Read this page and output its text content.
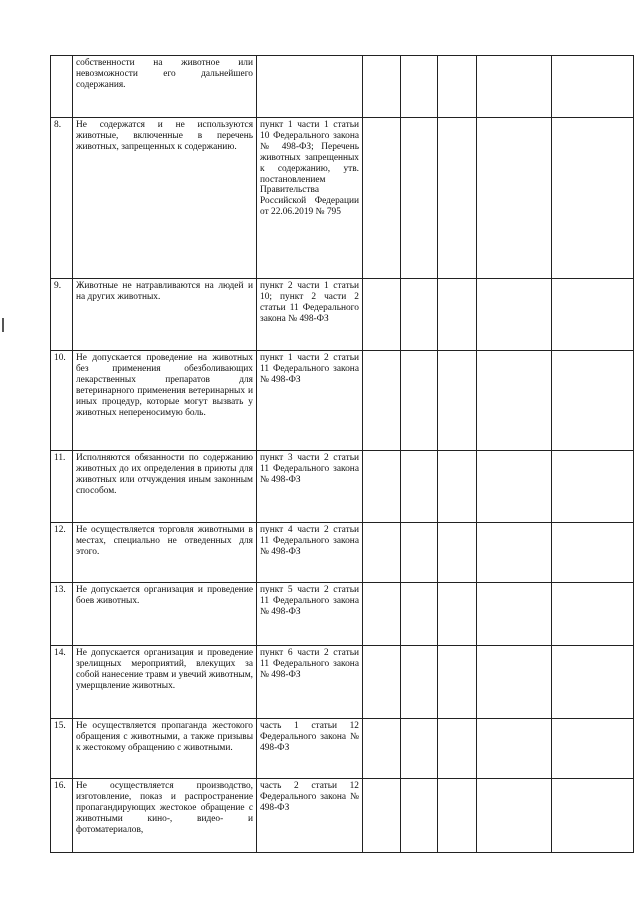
	собственности на животное или невозможности его дальнейшего содержания.						
8.	Не содержатся и не используются животные, включенные в перечень животных, запрещенных к содержанию.	пункт 1 части 1 статьи 10 Федерального закона № 498-ФЗ; Перечень животных запрещенных к содержанию, утв. постановлением Правительства Российской Федерации от 22.06.2019 № 795					
9.	Животные не натравливаются на людей и на других животных.	пункт 2 части 1 статьи 10; пункт 2 части 2 статьи 11 Федерального закона № 498-ФЗ					
10.	Не допускается проведение на животных без применения обезболивающих лекарственных препаратов для ветеринарного применения ветеринарных и иных процедур, которые могут вызвать у животных непереносимую боль.	пункт 1 части 2 статьи 11 Федерального закона № 498-ФЗ					
11.	Исполняются обязанности по содержанию животных до их определения в приюты для животных или отчуждения иным законным способом.	пункт 3 части 2 статьи 11 Федерального закона № 498-ФЗ					
12.	Не осуществляется торговля животными в местах, специально не отведенных для этого.	пункт 4 части 2 статьи 11 Федерального закона № 498-ФЗ					
13.	Не допускается организация и проведение боев животных.	пункт 5 части 2 статьи 11 Федерального закона № 498-ФЗ					
14.	Не допускается организация и проведение зрелищных мероприятий, влекущих за собой нанесение травм и увечий животным, умерщвление животных.	пункт 6 части 2 статьи 11 Федерального закона № 498-ФЗ					
15.	Не осуществляется пропаганда жестокого обращения с животными, а также призывы к жестокому обращению с животными.	часть 1 статьи 12 Федерального закона № 498-ФЗ					
16.	Не осуществляется производство, изготовление, показ и распространение пропагандирующих жестокое обращение с животными кино-, видео- и фотоматериалов,	часть 2 статьи 12 Федерального закона № 498-ФЗ					
